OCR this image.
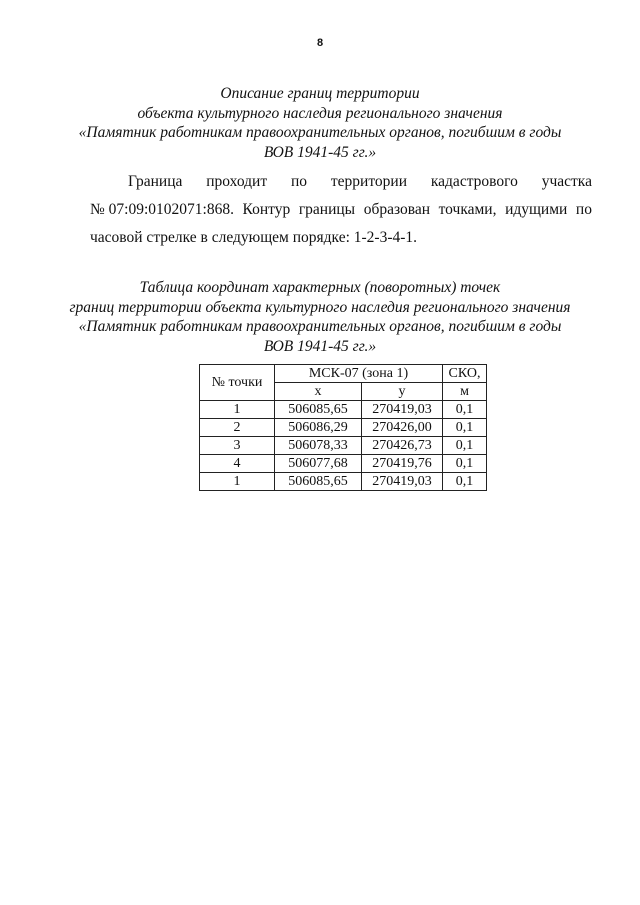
8
Описание границ территории
объекта культурного наследия регионального значения
«Памятник работникам правоохранительных органов, погибшим в годы
ВОВ 1941-45 гг.»
Граница проходит по территории кадастрового участка
№ 07:09:0102071:868. Контур границы образован точками, идущими по
часовой стрелке в следующем порядке: 1-2-3-4-1.
Таблица координат характерных (поворотных) точек
границ территории объекта культурного наследия регионального значения
«Памятник работникам правоохранительных органов, погибшим в годы
ВОВ 1941-45 гг.»
№ точки	МСК-07 (зона 1)		СКО,
	x	y	м
1	506085,65	270419,03	0,1
2	506086,29	270426,00	0,1
3	506078,33	270426,73	0,1
4	506077,68	270419,76	0,1
1	506085,65	270419,03	0,1
